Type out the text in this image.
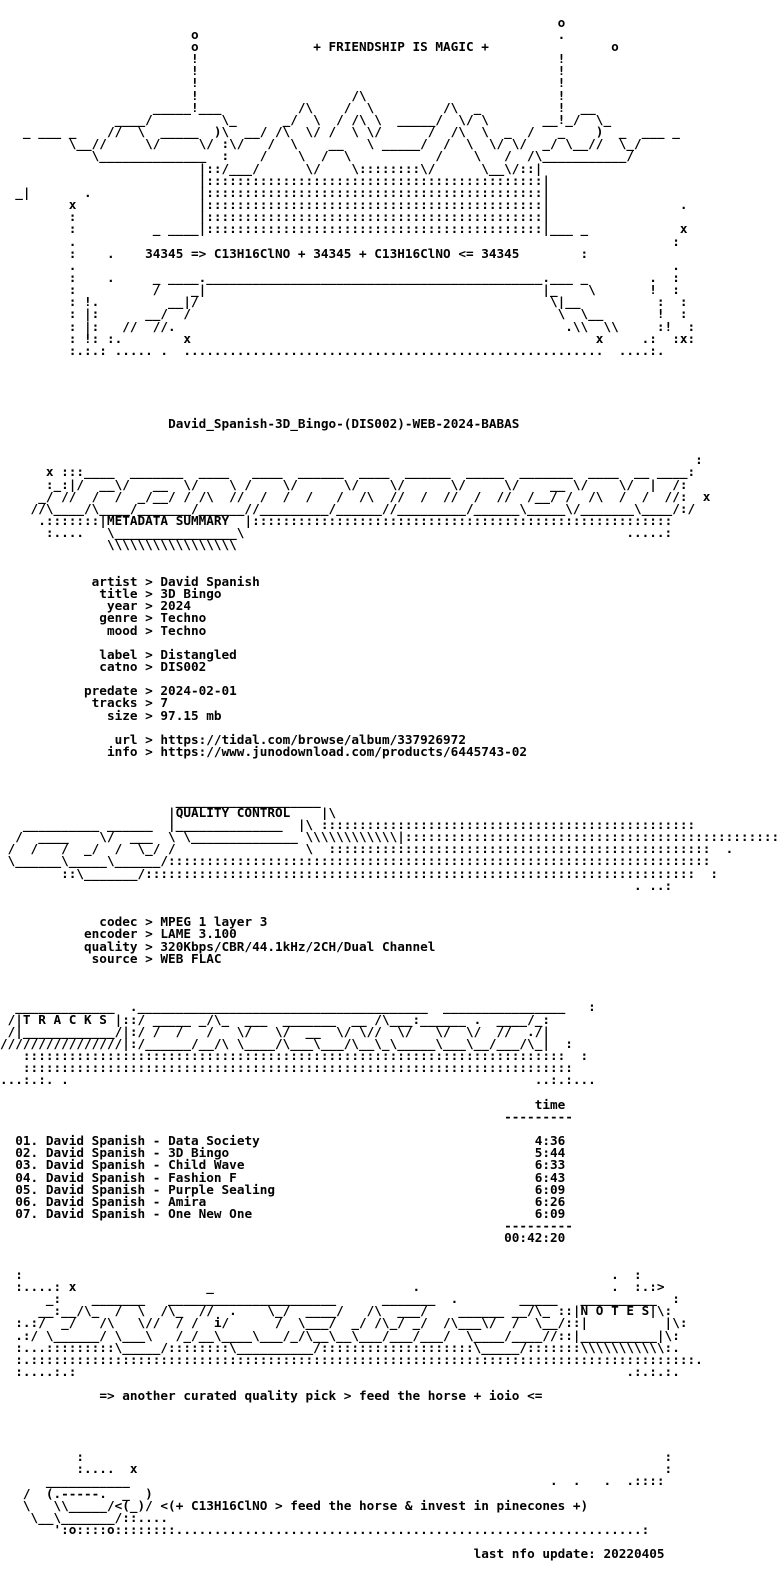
o
o                                               .
o	+ FRIENDSHIP IS MAGIC +	o
!                                               !
!                                               !
!                                               !
!                    /\                         !
_____!___          /\    /  \         /\  _          !  __
____/         \_      _/  \  / /\ \  _____/  \/ \       __!_/  \_
_ ___ _    //  \  _____  )\  __/ /\  \/ /  \ \/      /  /\  \  _  /   _    )  _  ___ _
\__//     \/     \/ :\/   /  \    __   \ _____/  /  \  \/ \/  _/ \__//  \_/
\______________  :    /    \  /  \           /    \   /  /\___________/
|::/___/      \/    \::::::::\/      \__\/::|
|::::::::::::::::::::::::::::::::::::::::::::|
_|       .              |::::::::::::::::::::::::::::::::::::::::::::|
x                |::::::::::::::::::::::::::::::::::::::::::::|                 .
:                |::::::::::::::::::::::::::::::::::::::::::::|
:          _ ____|::::::::::::::::::::::::::::::::::::::::::::|___ _            x
.                                                                              :
:    .    34345 => C13H16ClNO + 34345 + C13H16ClNO <= 34345	:
.                                                                              .
:    .     _ ____.____________________________________________.___ _        .  :
:          /    _|                                            |_    \       !  :
: !.         __|/                                              \|__          :  :
: |:      __/  /                                                \  \__       !  :
: |:   //  //.                                                   .\\  \\     :!  :
: !: :.        x                                                     x     .:  :x:
:.:.: ..... .  .......................................................  ....:.

David_Spanish-3D_Bingo-(DIS002)-WEB-2024-BABAS

:
x :::____  _______  ____   ____  ______  ____  ______  _____  _______  ____  __ ____:
:_:|/  __\/   __  \/    \ /    \/      \/    \/      \/     \/    __ \/    \/  |  /:
_/ //  /  /  _/__/ / /\  //  /  /  /   /  /\  //  /  //  /  //  /__/ /  /\  /  /  //:  x
//\____/\____/_______/______//_________/______//_________/______\_____\/_______\____/:/
.:::::::|METADATA SUMMARY  |:::::::::::::::::::::::::::::::::::::::::::::::::::::::
:....   \________________\                                                  .....:
\\\\\\\\\\\\\\\\\

artist > David Spanish
title > 3D Bingo
year > 2024
genre > Techno
mood > Techno

label > Distangled
catno > DIS002

predate > 2024-02-01
tracks > 7
size > 97.15 mb

url > https://tidal.com/browse/album/337926972
info > https://www.junodownload.com/products/6445743-02

___________________
|QUALITY CONTROL    |\
__________ ______  |______________  |\ :::::::::::::::::::::::::::::::::::::::::::::::::
/  ____    \/  ___  \ \______________ \\\\\\\\\\\\|:::::::::::::::::::::::::::::::::::::::::::::::::
/  /   /  _/  /  \_/ /                 \  ::::::::::::::::::::::::::::::::::::::::::::::::::  .
\______\_____\______/:::::::::::::::::::::::::::::::::::::::::::::::::::::::::::::::::::::::
::\_______/::::::::::::::::::::::::::::::::::::::::::::::::::::::::::::::::::::::::  :
. ..:

codec > MPEG 1 layer 3
encoder > LAME 3.100
quality > 320Kbps/CBR/44.1kHz/2CH/Dual Channel
source > WEB FLAC

_____________  .______________________________________  ________________   :
/|T R A C K S |::/ _____ _/\_  ___  _______  __ /\___:______ .  ____/_:
/|____________/|:/ /  /   /   \/   \/  __  \/ \//  \/   \/  \/  //  ./|
////////////////|:/______/__/\ \____/\___\___/\__\_\_____\___\__/___/\_|  :
:::::::::::::::::::::::::::::::::::::::::::::::::::::::::::::::::::::::  :
::::::::::::::::::::::::::::::::::::::::::::::::::::::::::::::::::::::::
...:.:. .                                                             ..:.:...

time
---------

01. David Spanish - Data Society	4:36
02. David Spanish - 3D Bingo	5:44
03. David Spanish - Child Wave	6:33
04. David Spanish - Fashion F	6:43
05. David Spanish - Purple Sealing	6:09
06. David Spanish - Amira	6:26
07. David Spanish - One New One	6:09
---------
00:42:20

:                                                                             .  :
:....: x                 _                          .                         .  :.:>
_:    _______   ______________________      _______  .        _____   __________  :
__:__/\_  /  \  /\_  //  .    \_/  ____/   /\  ___/    ______ __/\_ ::|N O T E S|\:
:.:/  _/   /\   \//  / /  i/      /  \___/  _/ /\_/ _/  /\___\/  /  \__/::|          |\:
.:/ \______/ \___\   /_/__\____\___/_/\__\__\___/___/___/  \____/____//::|__________|\:
:...:::::::::\_____/::::::::\__________/::::::::::::::::::::\_____/:::::::\\\\\\\\\\\:.
:.:::::::::::::::::::::::::::::::::::::::::::::::::::::::::::::::::::::::::::::::::::::::.
:....:.:                                                                        .:.:.:.

=> another curated quality pick > feed the horse + ioio <=

:                                                                            :
:....  x                                                                     :
___________                                                       .  .   .  .::::
/  (.-----.  _  )
\   \\_____/<(_)/ <(+ C13H16ClNO > feed the horse & invest in pinecones +)
\__\_______/::....
':o::::o::::::::.............................................................:

last nfo update: 20220405
